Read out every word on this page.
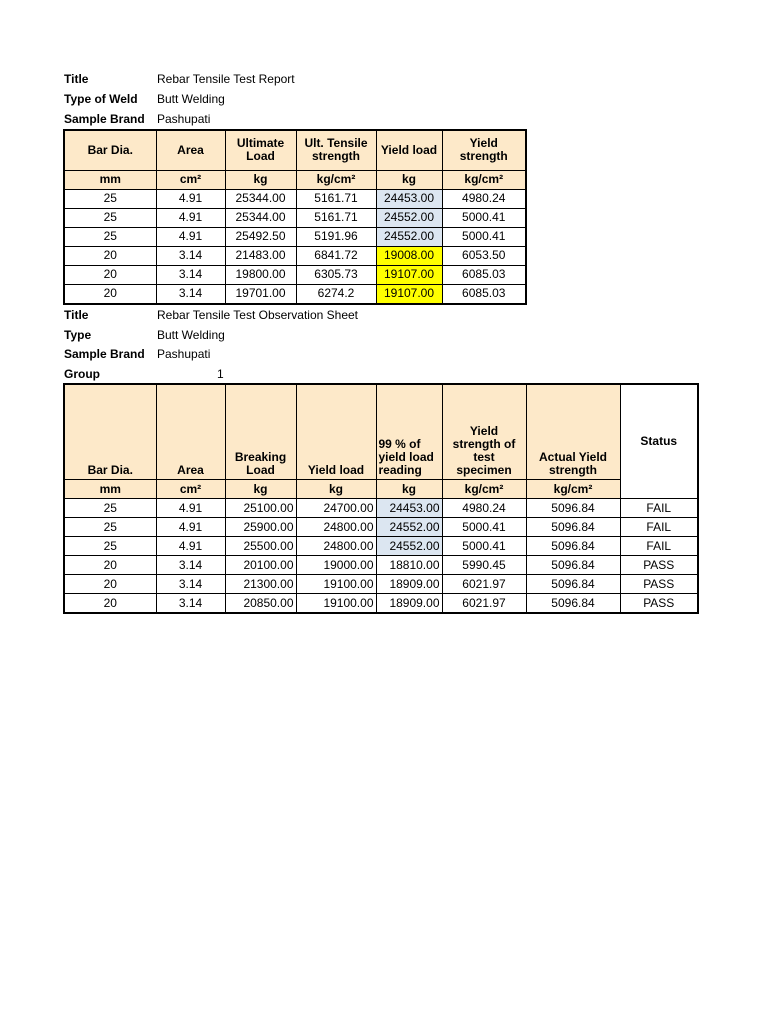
Title	Rebar Tensile Test Report
Type of Weld Butt Welding
Sample Brand Pashupati
Bar Dia.	Area	Ultimate Load	Ult. Tensile strength	Yield load	Yield strength
mm	cm²	kg	kg/cm²	kg	kg/cm²
25	4.91	25344.00	5161.71	24453.00	4980.24
25	4.91	25344.00	5161.71	24552.00	5000.41
25	4.91	25492.50	5191.96	24552.00	5000.41
20	3.14	21483.00	6841.72	19008.00	6053.50
20	3.14	19800.00	6305.73	19107.00	6085.03
20	3.14	19701.00	6274.2	19107.00	6085.03
Title	Rebar Tensile Test Observation Sheet
Type	Butt Welding
Sample Brand Pashupati
Group	1
Bar Dia.	Area	Breaking Load	Yield load	99 % of yield load reading	Yield strength of test specimen	Actual Yield strength	Status
mm	cm²	kg	kg	kg	kg/cm²	kg/cm²	
25	4.91	25100.00	24700.00	24453.00	4980.24	5096.84	FAIL
25	4.91	25900.00	24800.00	24552.00	5000.41	5096.84	FAIL
25	4.91	25500.00	24800.00	24552.00	5000.41	5096.84	FAIL
20	3.14	20100.00	19000.00	18810.00	5990.45	5096.84	PASS
20	3.14	21300.00	19100.00	18909.00	6021.97	5096.84	PASS
20	3.14	20850.00	19100.00	18909.00	6021.97	5096.84	PASS
